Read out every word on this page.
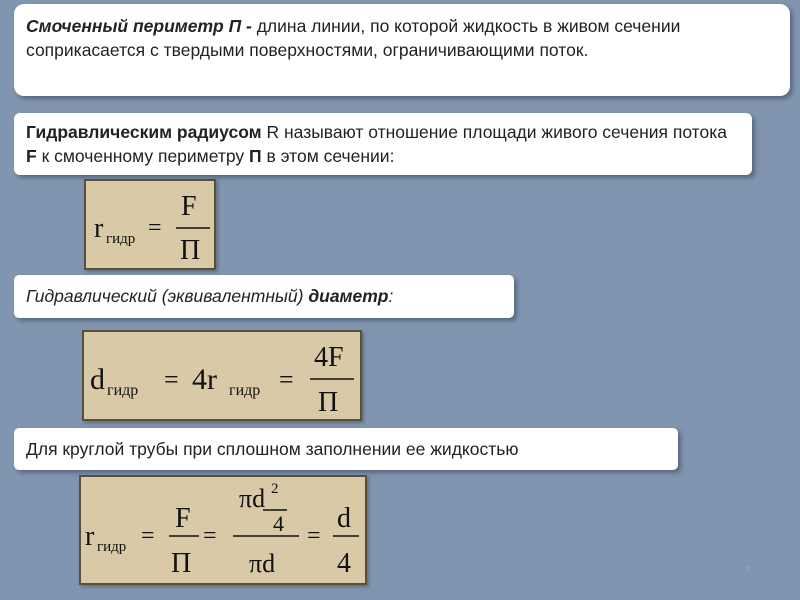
Смоченный периметр П - длина линии, по которой жидкость в живом сечении соприкасается с твердыми поверхностями, ограничивающими поток.
Гидравлическим радиусом R называют отношение площади живого сечения потока F к смоченному периметру П в этом сечении:
r гидр =
F
П
Гидравлический (эквивалентный) диаметр:
d гидр = 4r гидр =
4F
П
Для круглой трубы при сплошном заполнении ее жидкостью
r гидр =
F
П
=
πd 2
4
πd
=
d
4	7
